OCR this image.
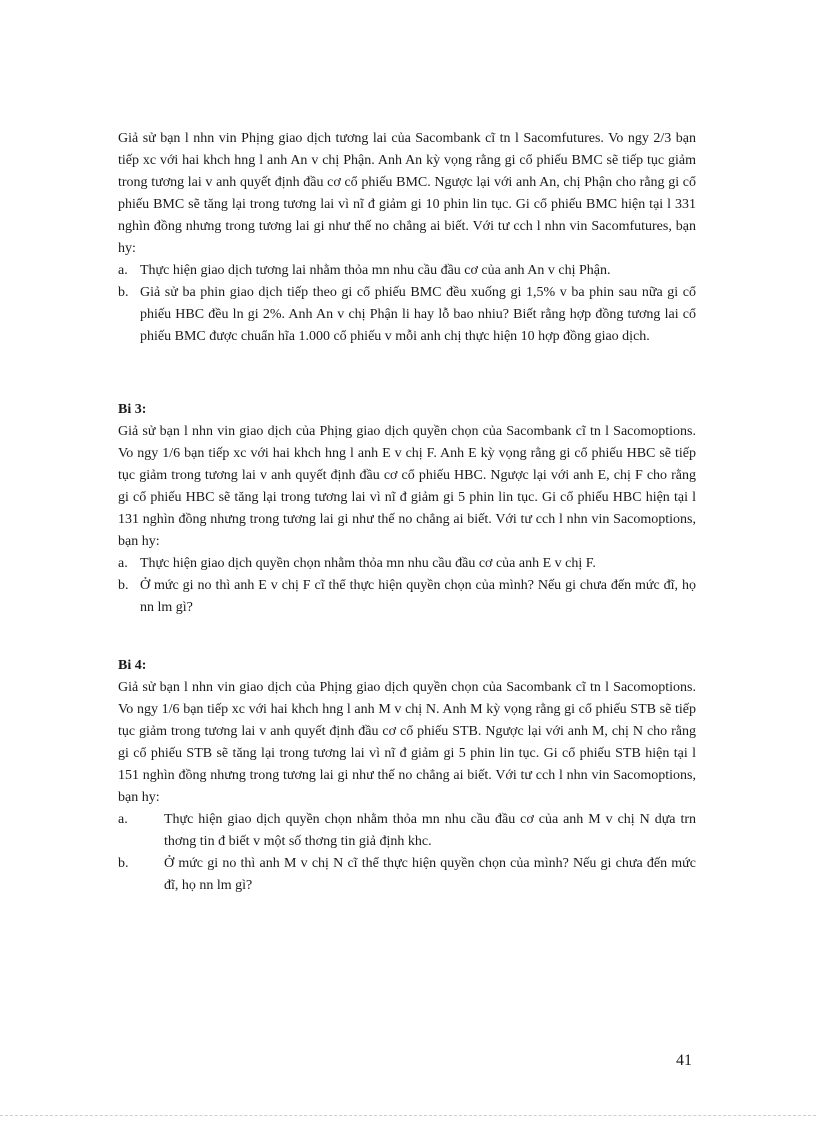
Giả sử bạn l nhn vin Phịng giao dịch tương lai của Sacombank cĩ tn l Sacomfutures. Vo ngy 2/3 bạn tiếp xc với hai khch hng l anh An v chị Phận. Anh An kỳ vọng rằng gi cổ phiếu BMC sẽ tiếp tục giảm trong tương lai v anh quyết định đầu cơ cổ phiếu BMC. Ngược lại với anh An, chị Phận cho rằng gi cổ phiếu BMC sẽ tăng lại trong tương lai vì nĩ đ giảm gi 10 phin lin tục. Gi cổ phiếu BMC hiện tại l 331 nghìn đồng nhưng trong tương lai gi như thế no chẳng ai biết. Với tư cch l nhn vin Sacomfutures, bạn hy:

a. Thực hiện giao dịch tương lai nhằm thỏa mn nhu cầu đầu cơ của anh An v chị Phận.
b. Giả sử ba phin giao dịch tiếp theo gi cổ phiếu BMC đều xuống gi 1,5% v ba phin sau nữa gi cổ phiếu HBC đều ln gi 2%. Anh An v chị Phận li hay lỗ bao nhiu? Biết rằng hợp đồng tương lai cổ phiếu BMC được chuẩn hĩa 1.000 cổ phiếu v mỗi anh chị thực hiện 10 hợp đồng giao dịch.

Bi 3:

Giả sử bạn l nhn vin giao dịch của Phịng giao dịch quyền chọn của Sacombank cĩ tn l Sacomoptions. Vo ngy 1/6 bạn tiếp xc với hai khch hng l anh E v chị F. Anh E kỳ vọng rằng gi cổ phiếu HBC sẽ tiếp tục giảm trong tương lai v anh quyết định đầu cơ cổ phiếu HBC. Ngược lại với anh E, chị F cho rằng gi cổ phiếu HBC sẽ tăng lại trong tương lai vì nĩ đ giảm gi 5 phin lin tục. Gi cổ phiếu HBC hiện tại l 131 nghìn đồng nhưng trong tương lai gi như thế no chẳng ai biết. Với tư cch l nhn vin Sacomoptions, bạn hy:

a. Thực hiện giao dịch quyền chọn nhằm thỏa mn nhu cầu đầu cơ của anh E v chị F.
b. Ở mức gi no thì anh E v chị F cĩ thể thực hiện quyền chọn của mình? Nếu gi chưa đến mức đĩ, họ nn lm gì?

Bi 4:

Giả sử bạn l nhn vin giao dịch của Phịng giao dịch quyền chọn của Sacombank cĩ tn l Sacomoptions. Vo ngy 1/6 bạn tiếp xc với hai khch hng l anh M v chị N. Anh M kỳ vọng rằng gi cổ phiếu STB sẽ tiếp tục giảm trong tương lai v anh quyết định đầu cơ cổ phiếu STB. Ngược lại với anh M, chị N cho rằng gi cổ phiếu STB sẽ tăng lại trong tương lai vì nĩ đ giảm gi 5 phin lin tục. Gi cổ phiếu STB hiện tại l 151 nghìn đồng nhưng trong tương lai gi như thế no chẳng ai biết. Với tư cch l nhn vin Sacomoptions, bạn hy:

a.	Thực hiện giao dịch quyền chọn nhằm thỏa mn nhu cầu đầu cơ của anh M v chị N dựa trn thơng tin đ biết v một số thơng tin giả định khc.
b.	Ở mức gi no thì anh M v chị N cĩ thể thực hiện quyền chọn của mình? Nếu gi chưa đến mức đĩ, họ nn lm gì?
41
